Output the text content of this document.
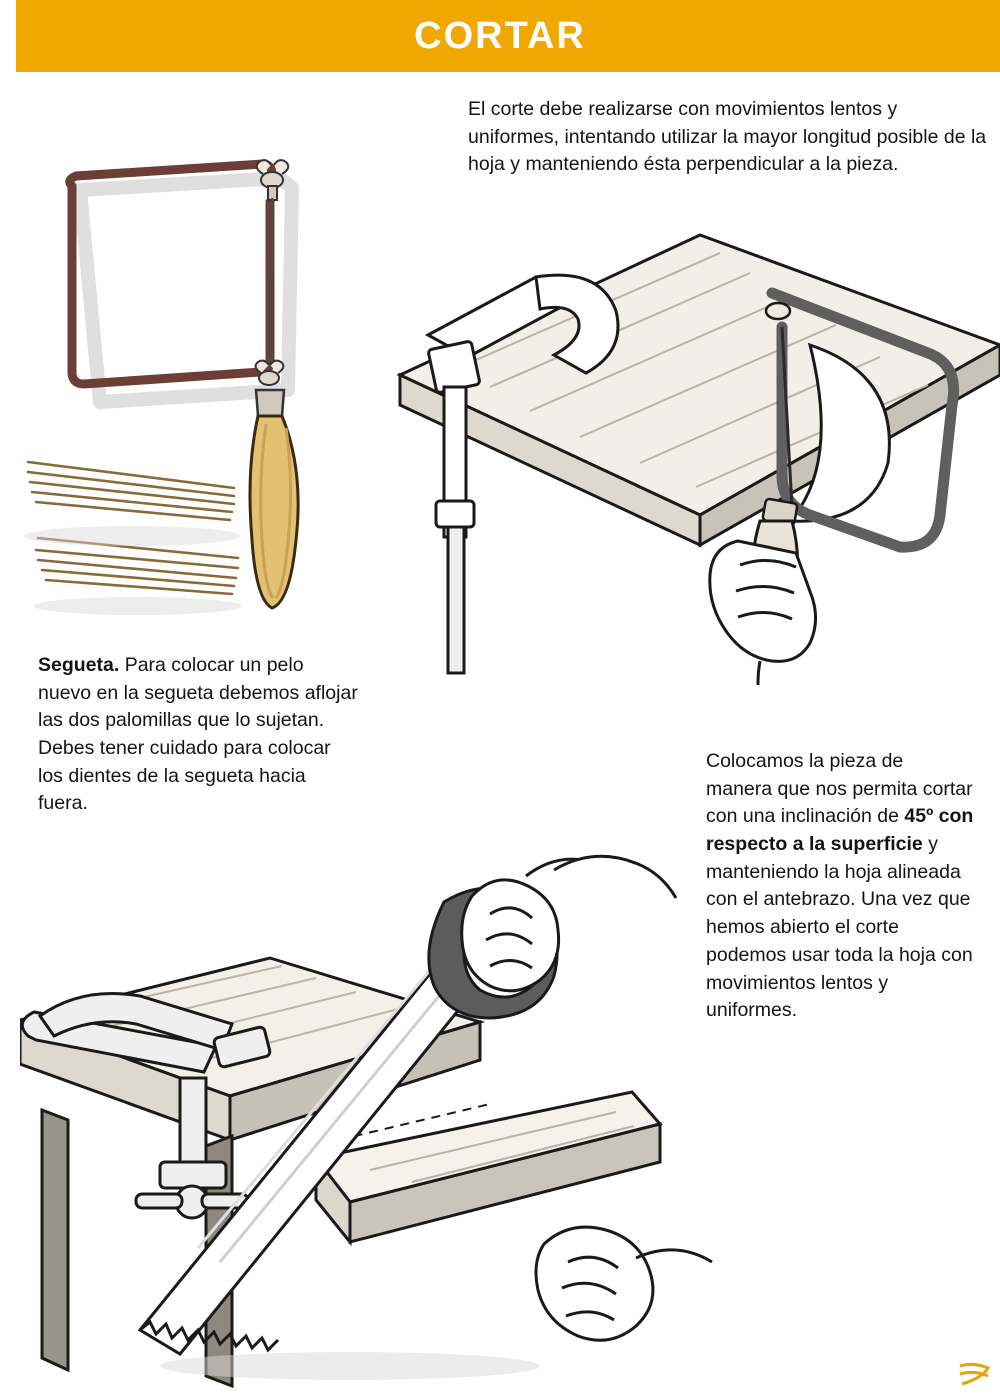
CORTAR
El corte debe realizarse con movimientos lentos y uniformes, intentando utilizar la mayor longitud posible de la hoja y manteniendo ésta perpendicular a la pieza.
Segueta. Para colocar un pelo nuevo en la segueta debemos aflojar las dos palomillas que lo sujetan. Debes tener cuidado para colocar los dientes de la segueta hacia fuera.
Colocamos la pieza de manera que nos permita cortar con una inclinación de 45º con respecto a la superficie y manteniendo la hoja alineada con el antebrazo. Una vez que hemos abierto el corte podemos usar toda la hoja con movimientos lentos y uniformes.
